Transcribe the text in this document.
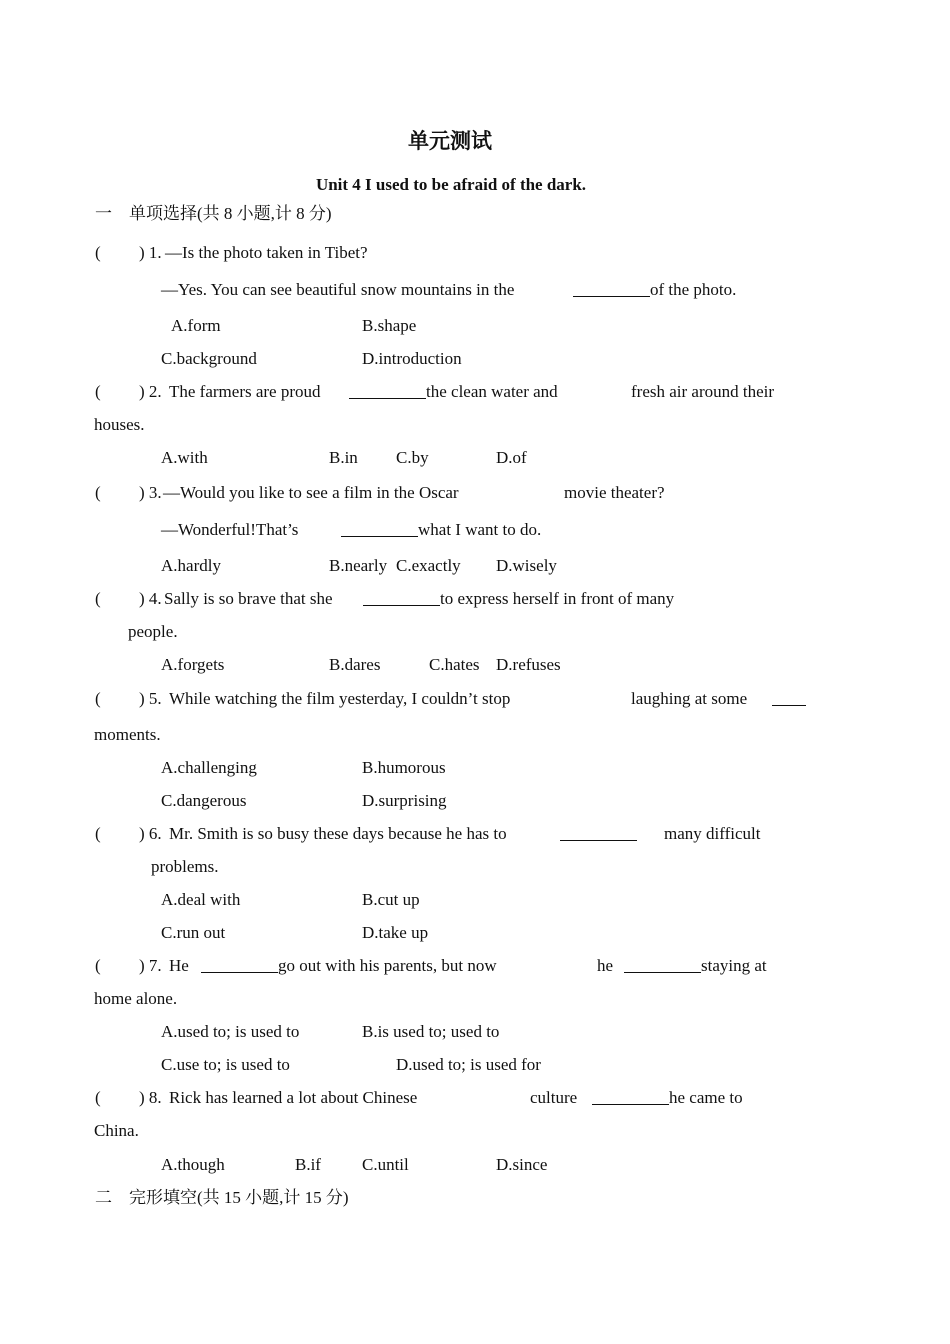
单元测试
Unit 4 I used to be afraid of the dark.
一　单项选择(共 8 小题,计 8 分)
( ) 1. —Is the photo taken in Tibet?
—Yes. You can see beautiful snow mountains in the	of the photo.
A.form	B.shape
C.background	D.introduction
( ) 2. The farmers are proud	the clean water and	fresh air around their
houses.
A.with	B.in C.by	D.of
( ) 3. —Would you like to see a film in the Oscar	movie theater?
—Wonderful!That’s	what I want to do.
A.hardly	B.nearly C.exactly D.wisely
( ) 4. Sally is so brave that she	to express herself in front of many
people.
A.forgets	B.dares	C.hates D.refuses
( ) 5. While watching the film yesterday, I couldn’t stop	laughing at some
moments.
A.challenging	B.humorous
C.dangerous	D.surprising
( ) 6. Mr. Smith is so busy these days because he has to	many difficult
problems.
A.deal with	B.cut up
C.run out	D.take up
( ) 7. He	go out with his parents, but now	he	staying at
home alone.
A.used to; is used to	B.is used to; used to
C.use to; is used to	D.used to; is used for
( ) 8. Rick has learned a lot about Chinese	culture	he came to
China.
A.though	B.if C.until	D.since
二　完形填空(共 15 小题,计 15 分)
